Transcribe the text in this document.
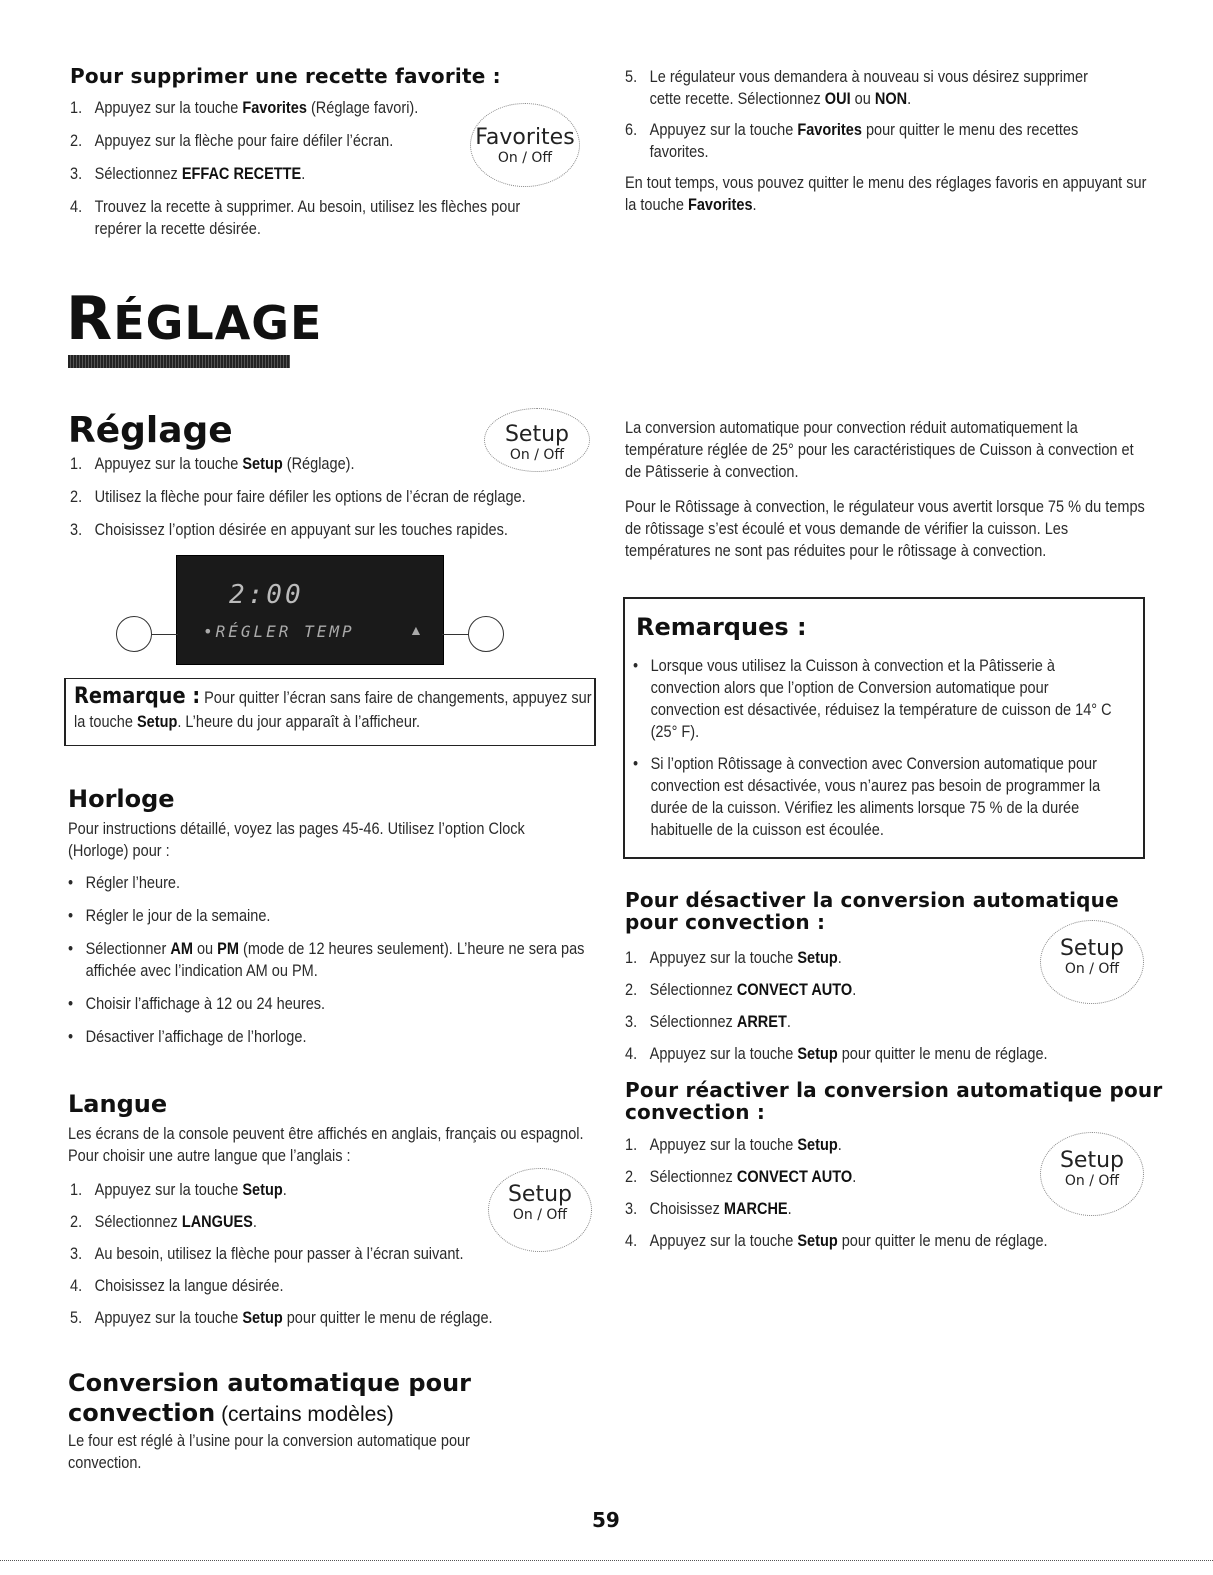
Pour supprimer une recette favorite :
1. Appuyez sur la touche Favorites (Réglage favori).
2. Appuyez sur la flèche pour faire défiler l’écran.
3. Sélectionnez EFFAC RECETTE.
4. Trouvez la recette à supprimer. Au besoin, utilisez les flèches pour repérer la recette désirée.
Favorites
On / Off
5. Le régulateur vous demandera à nouveau si vous désirez supprimer cette recette. Sélectionnez OUI ou NON.
6. Appuyez sur la touche Favorites pour quitter le menu des recettes favorites.
En tout temps, vous pouvez quitter le menu des réglages favoris en appuyant sur la touche Favorites.
RÉGLAGE
Réglage	Setup
On / Off
1. Appuyez sur la touche Setup (Réglage).
2. Utilisez la flèche pour faire défiler les options de l’écran de réglage.
3. Choisissez l’option désirée en appuyant sur les touches rapides.
2:00
•RÉGLER TEMP	▲
Remarque : Pour quitter l’écran sans faire de changements, appuyez sur la touche Setup. L’heure du jour apparaît à l’afficheur.
Horloge
Pour instructions détaillé, voyez las pages 45-46. Utilisez l’option Clock (Horloge) pour :
• Régler l’heure.
• Régler le jour de la semaine.
• Sélectionner AM ou PM (mode de 12 heures seulement). L’heure ne sera pas affichée avec l’indication AM ou PM.
• Choisir l’affichage à 12 ou 24 heures.
• Désactiver l’affichage de l’horloge.
Langue
Les écrans de la console peuvent être affichés en anglais, français ou espagnol. Pour choisir une autre langue que l’anglais :
Setup
On / Off
1. Appuyez sur la touche Setup.
2. Sélectionnez LANGUES.
3. Au besoin, utilisez la flèche pour passer à l’écran suivant.
4. Choisissez la langue désirée.
5. Appuyez sur la touche Setup pour quitter le menu de réglage.
Conversion automatique pour
convection (certains modèles)
Le four est réglé à l’usine pour la conversion automatique pour convection.
La conversion automatique pour convection réduit automatiquement la température réglée de 25° pour les caractéristiques de Cuisson à convection et de Pâtisserie à convection.
Pour le Rôtissage à convection, le régulateur vous avertit lorsque 75 % du temps de rôtissage s’est écoulé et vous demande de vérifier la cuisson. Les températures ne sont pas réduites pour le rôtissage à convection.
Remarques :
• Lorsque vous utilisez la Cuisson à convection et la Pâtisserie à convection alors que l’option de Conversion automatique pour convection est désactivée, réduisez la température de cuisson de 14° C (25° F).
• Si l’option Rôtissage à convection avec Conversion automatique pour convection est désactivée, vous n’aurez pas besoin de programmer la durée de la cuisson. Vérifiez les aliments lorsque 75 % de la durée habituelle de la cuisson est écoulée.
Pour désactiver la conversion automatique pour convection :
Setup
On / Off
1. Appuyez sur la touche Setup.
2. Sélectionnez CONVECT AUTO.
3. Sélectionnez ARRET.
4. Appuyez sur la touche Setup pour quitter le menu de réglage.
Pour réactiver la conversion automatique pour convection :
Setup
On / Off
1. Appuyez sur la touche Setup.
2. Sélectionnez CONVECT AUTO.
3. Choisissez MARCHE.
4. Appuyez sur la touche Setup pour quitter le menu de réglage.
59
